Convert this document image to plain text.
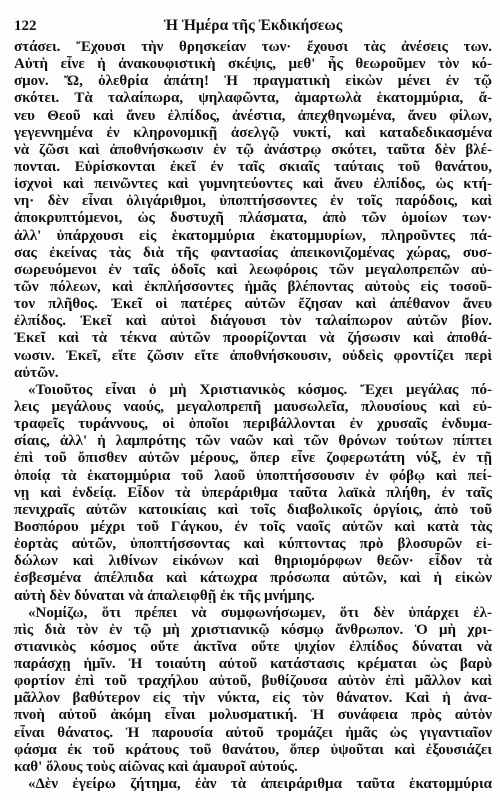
122	Ἡ Ἡμέρα τῆς Ἐκδικήσεως
στάσει. Ἔχουσι τὴν θρησκείαν των· ἔχουσι τὰς ἀνέσεις των.
Αὐτὴ εἶνε ἡ ἀνακουφιστικὴ σκέψις, μεθ' ἧς θεωροῦμεν τὸν κό-
σμον. Ὤ, ὀλεθρία ἀπάτη! Ἡ πραγματικὴ εἰκὼν μένει ἐν τῷ
σκότει. Τὰ ταλαίπωρα, ψηλαφῶντα, ἁμαρτωλὰ ἑκατομμύρια, ἄ-
νευ Θεοῦ καὶ ἄνευ ἐλπίδος, ἀνέστια, ἀπεχθηνωμένα, ἄνευ φίλων,
γεγεννημένα ἐν κληρονομικῇ ἀσελγῷ νυκτί, καὶ καταδεδικασμένα
νὰ ζῶσι καὶ ἀποθνήσκωσιν ἐν τῷ ἀνάστρῳ σκότει, ταῦτα δὲν βλέ-
πονται. Εὑρίσκονται ἐκεῖ ἐν ταῖς σκιαῖς ταύταις τοῦ θανάτου,
ἰσχνοὶ καὶ πεινῶντες καὶ γυμνητεύοντες καὶ ἄνευ ἐλπίδος, ὡς κτή-
νη· δὲν εἶναι ὀλιγάριθμοι, ὑποπτήσσοντες ἐν τοῖς παρόδοις, καὶ
ἀποκρυπτόμενοι, ὡς δυστυχῆ πλάσματα, ἀπὸ τῶν ὁμοίων των·
ἀλλ' ὑπάρχουσι εἰς ἑκατομμύρια ἑκατομμυρίων, πληροῦντες πά-
σας ἐκείνας τὰς διὰ τῆς φαντασίας ἀπεικονιζομένας χώρας, συσ-
σωρευόμενοι ἐν ταῖς ὁδοῖς καὶ λεωφόροις τῶν μεγαλοπρεπῶν αὐ-
τῶν πόλεων, καὶ ἐκπλήσσοντες ἡμᾶς βλέποντας αὐτοὺς εἰς τοσοῦ-
τον πλῆθος. Ἐκεῖ οἱ πατέρες αὐτῶν ἔζησαν καὶ ἀπέθανον ἄνευ
ἐλπίδος. Ἐκεῖ καὶ αὐτοὶ διάγουσι τὸν ταλαίπωρον αὐτῶν βίον.
Ἐκεῖ καὶ τὰ τέκνα αὐτῶν προορίζονται νὰ ζήσωσιν καὶ ἀποθά-
νωσιν. Ἐκεῖ, εἴτε ζῶσιν εἴτε ἀποθνήσκουσιν, οὐδεὶς φροντίζει περὶ
αὐτῶν.
«Τοιοῦτος εἶναι ὁ μὴ Χριστιανικὸς κόσμος. Ἔχει μεγάλας πό-
λεις μεγάλους ναούς, μεγαλοπρεπῆ μαυσωλεῖα, πλουσίους καὶ εὐ-
τραφεῖς τυράννους, οἱ ὁποῖοι περιβάλλονται ἐν χρυσαῖς ἐνδυμα-
σίαις, ἀλλ' ἡ λαμπρότης τῶν ναῶν καὶ τῶν θρόνων τούτων πίπτει
ἐπὶ τοῦ ὄπισθεν αὐτῶν μέρους, ὅπερ εἶνε ζοφερωτάτη νύξ, ἐν τῇ
ὁποίᾳ τὰ ἑκατομμύρια τοῦ λαοῦ ὑποπτήσσουσιν ἐν φόβῳ καὶ πεί-
νῃ καὶ ἐνδείᾳ. Εἶδον τὰ ὑπεράριθμα ταῦτα λαϊκὰ πλήθη, ἐν ταῖς
πενιχραῖς αὐτῶν κατοικίαις καὶ τοῖς διαβολικοῖς ὀργίοις, ἀπὸ τοῦ
Βοσπόρου μέχρι τοῦ Γάγκου, ἐν τοῖς ναοῖς αὐτῶν καὶ κατὰ τὰς
ἑορτὰς αὐτῶν, ὑποπτήσσοντας καὶ κύπτοντας πρὸ βλοσυρῶν εἰ-
δώλων καὶ λιθίνων εἰκόνων καὶ θηριομόρφων θεῶν· εἶδον τὰ
ἐσβεσμένα ἀπέλπιδα καὶ κάτωχρα πρόσωπα αὐτῶν, καὶ ἡ εἰκὼν
αὐτὴ δὲν δύναται νὰ ἀπαλειφθῇ ἐκ τῆς μνήμης.
«Νομίζω, ὅτι πρέπει νὰ συμφωνήσωμεν, ὅτι δὲν ὑπάρχει ἐλ-
πὶς διὰ τὸν ἐν τῷ μὴ χριστιανικῷ κόσμῳ ἄνθρωπον. Ὁ μὴ χρι-
στιανικὸς κόσμος οὔτε ἀκτῖνα οὔτε ψιχίον ἐλπίδος δύναται νὰ
παράσχῃ ἡμῖν. Ἡ τοιαύτη αὐτοῦ κατάστασις κρέμαται ὡς βαρὺ
φορτίον ἐπὶ τοῦ τραχήλου αὐτοῦ, βυθίζουσα αὐτὸν ἐπὶ μᾶλλον καὶ
μᾶλλον βαθύτερον εἰς τὴν νύκτα, εἰς τὸν θάνατον. Καὶ ἡ ἀνα-
πνοὴ αὐτοῦ ἀκόμη εἶναι μολυσματική. Ἡ συνάφεια πρὸς αὐτὸν
εἶναι θάνατος. Ἡ παρουσία αὐτοῦ τρομάζει ἡμᾶς ὡς γιγαντιαῖον
φάσμα ἐκ τοῦ κράτους τοῦ θανάτου, ὅπερ ὑψοῦται καὶ ἐξουσιάζει
καθ' ὅλους τοὺς αἰῶνας καὶ ἀμαυροῖ αὐτούς.
«Δὲν ἐγείρω ζήτημα, ἐὰν τὰ ἀπειράριθμα ταῦτα ἑκατομμύρια
